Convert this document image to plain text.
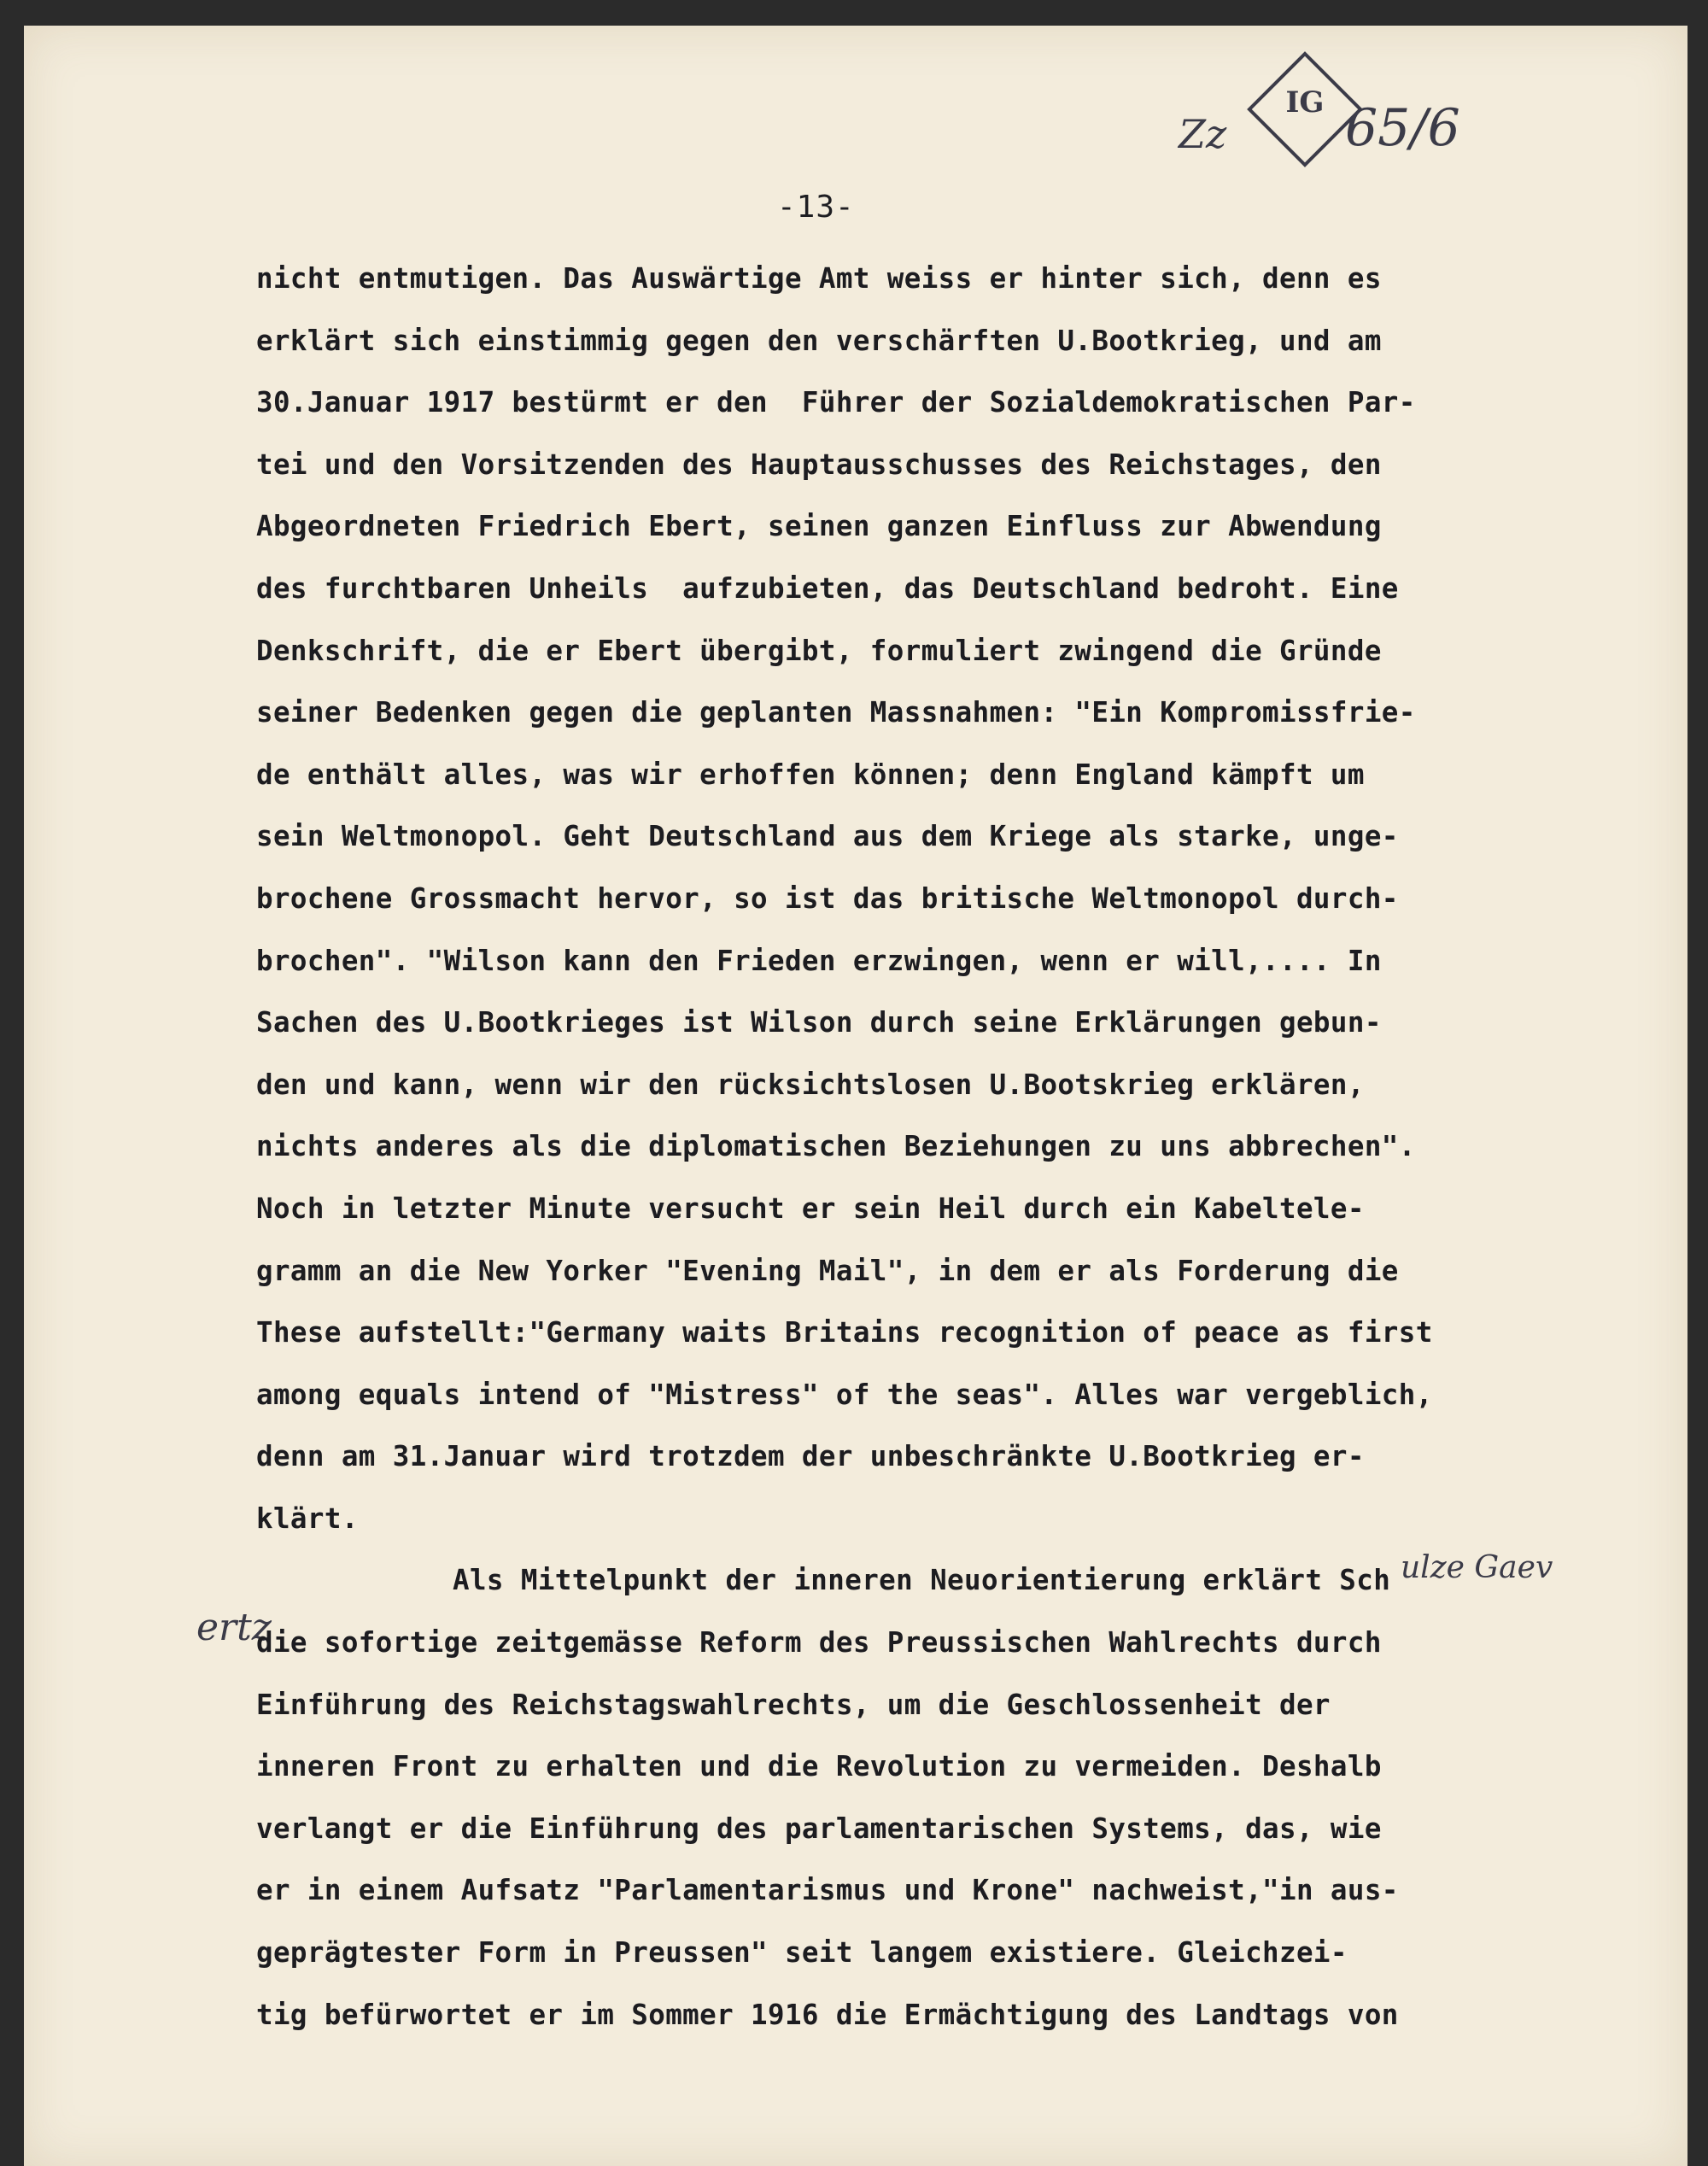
Zz
IG 65/6
-13-
ertz
ulze Gaev
nicht entmutigen. Das Auswärtige Amt weiss er hinter sich, denn es
erklärt sich einstimmig gegen den verschärften U.Bootkrieg, und am
30.Januar 1917 bestürmt er den  Führer der Sozialdemokratischen Par-
tei und den Vorsitzenden des Hauptausschusses des Reichstages, den
Abgeordneten Friedrich Ebert, seinen ganzen Einfluss zur Abwendung
des furchtbaren Unheils  aufzubieten, das Deutschland bedroht. Eine
Denkschrift, die er Ebert übergibt, formuliert zwingend die Gründe
seiner Bedenken gegen die geplanten Massnahmen: "Ein Kompromissfrie-
de enthält alles, was wir erhoffen können; denn England kämpft um
sein Weltmonopol. Geht Deutschland aus dem Kriege als starke, unge-
brochene Grossmacht hervor, so ist das britische Weltmonopol durch-
brochen". "Wilson kann den Frieden erzwingen, wenn er will,.... In
Sachen des U.Bootkrieges ist Wilson durch seine Erklärungen gebun-
den und kann, wenn wir den rücksichtslosen U.Bootskrieg erklären,
nichts anderes als die diplomatischen Beziehungen zu uns abbrechen".
Noch in letzter Minute versucht er sein Heil durch ein Kabeltele-
gramm an die New Yorker "Evening Mail", in dem er als Forderung die
These aufstellt:"Germany waits Britains recognition of peace as first
among equals intend of "Mistress" of the seas". Alles war vergeblich,
denn am 31.Januar wird trotzdem der unbeschränkte U.Bootkrieg er-
klärt.
Als Mittelpunkt der inneren Neuorientierung erklärt Sch
die sofortige zeitgemässe Reform des Preussischen Wahlrechts durch
Einführung des Reichstagswahlrechts, um die Geschlossenheit der
inneren Front zu erhalten und die Revolution zu vermeiden. Deshalb
verlangt er die Einführung des parlamentarischen Systems, das, wie
er in einem Aufsatz "Parlamentarismus und Krone" nachweist,"in aus-
geprägtester Form in Preussen" seit langem existiere. Gleichzei-
tig befürwortet er im Sommer 1916 die Ermächtigung des Landtags von
